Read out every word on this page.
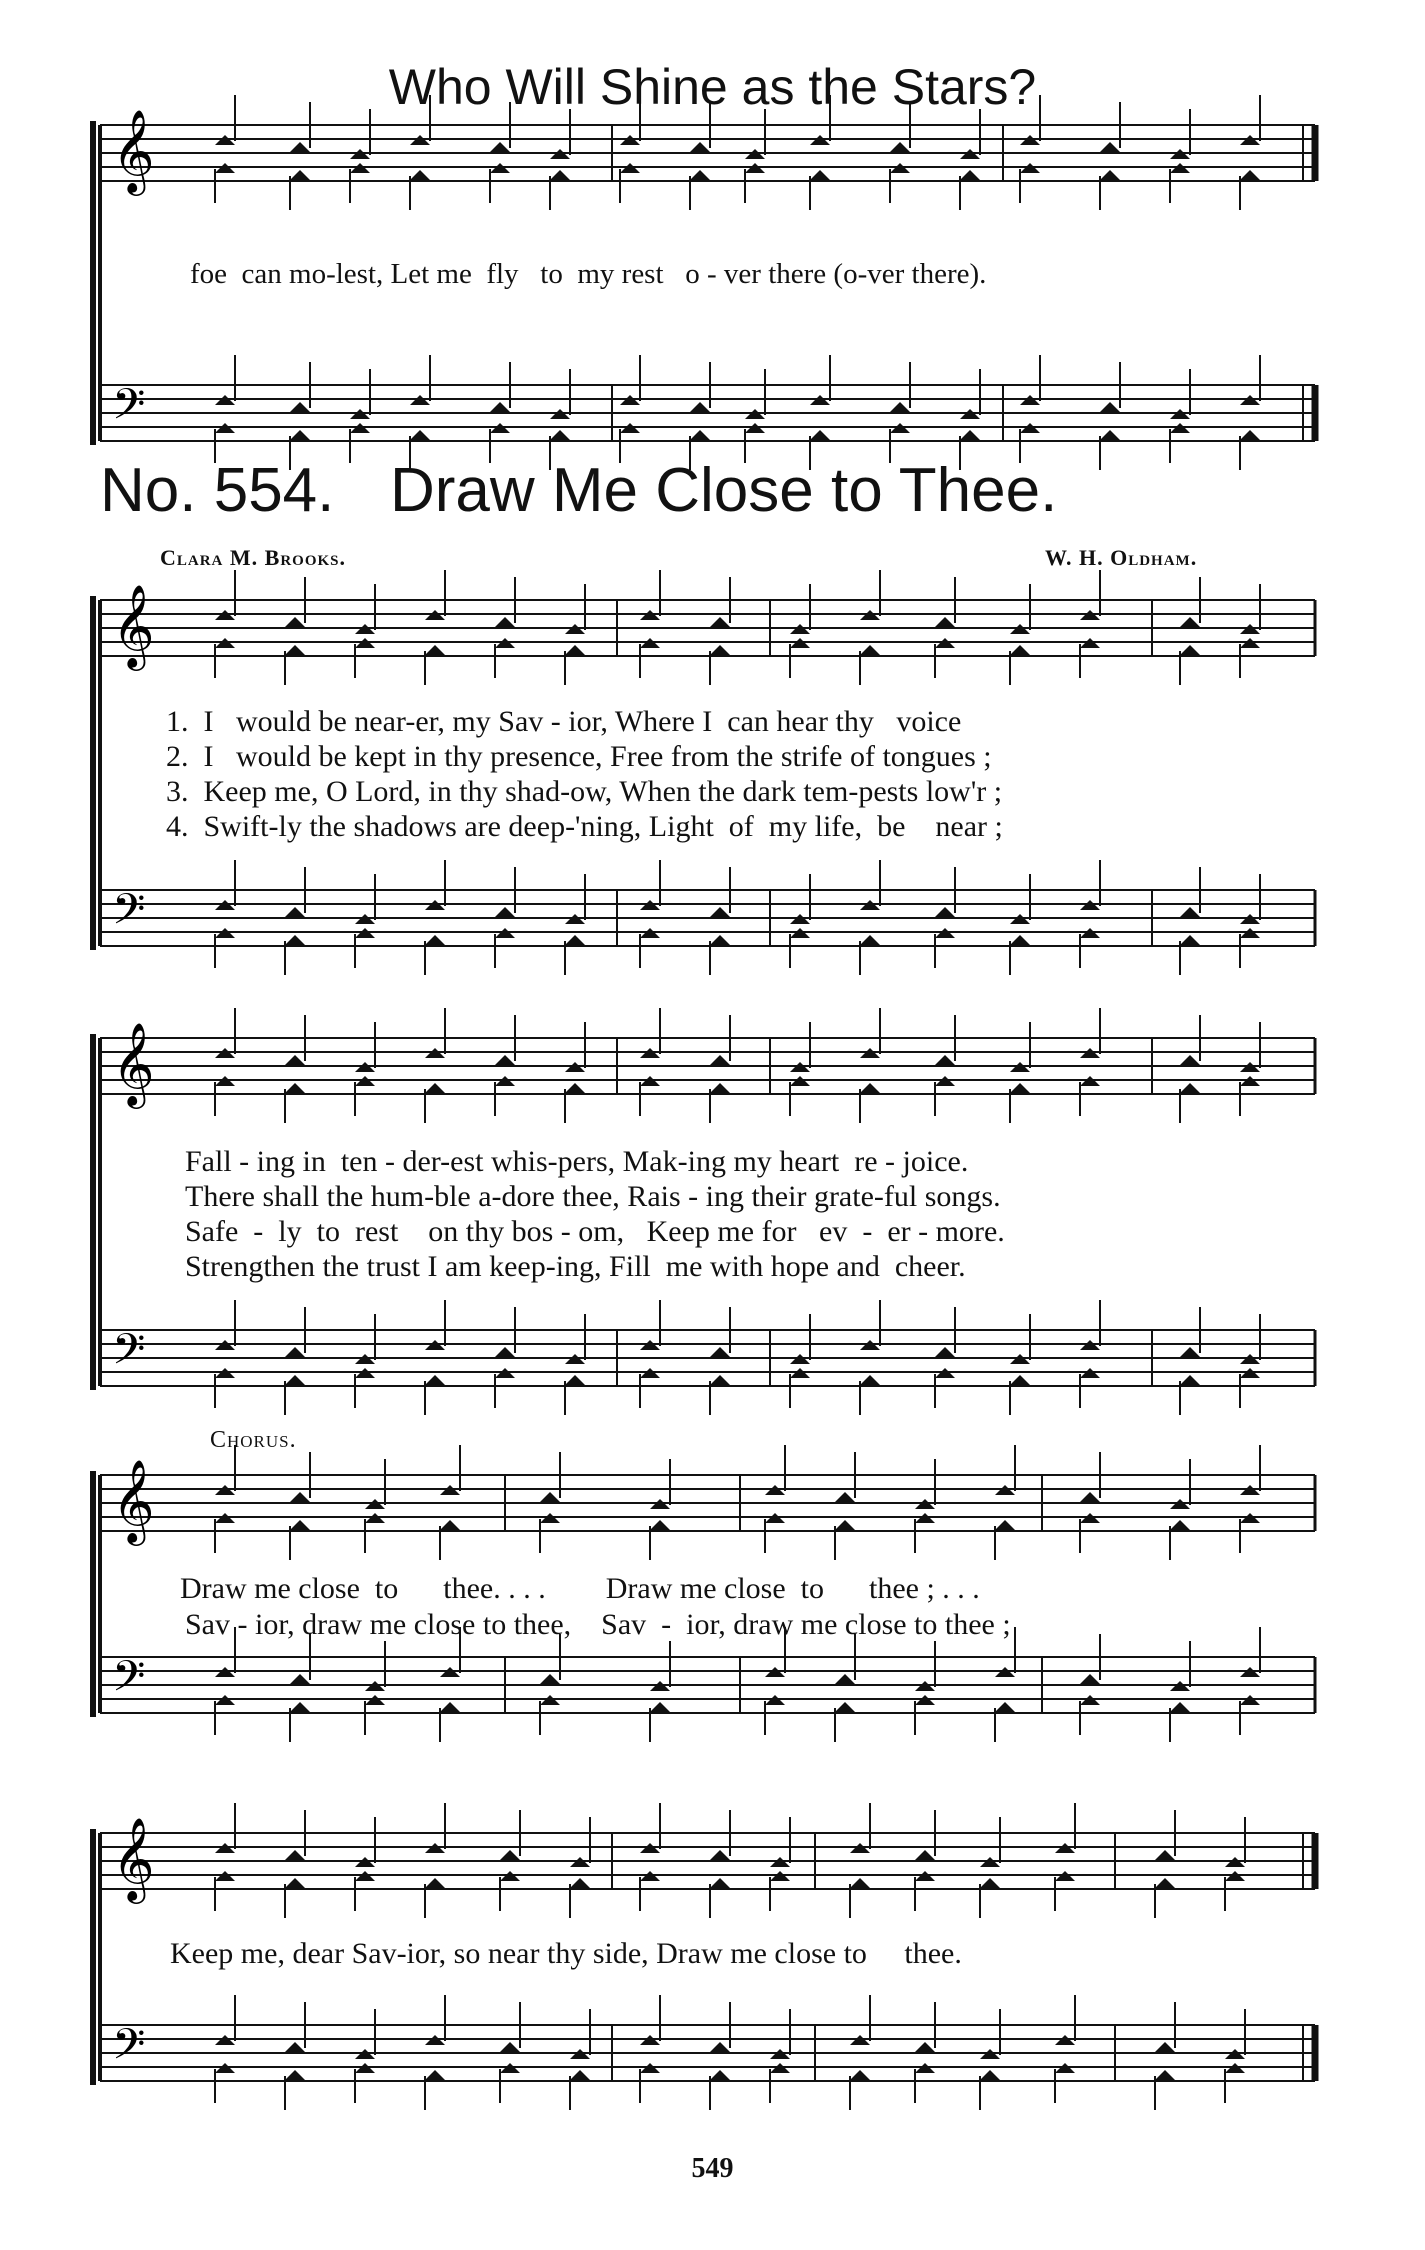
𝄞
𝄢
𝄞
𝄢
𝄞
𝄢
𝄞
𝄢
𝄞
𝄢
Who Will Shine as the Stars?
foe  can mo-lest, Let me  fly   to  my rest   o - ver there (o-ver there).
No. 554. Draw Me Close to Thee.
Clara M. Brooks.	W. H. Oldham.
1.  I   would be near-er, my Sav - ior, Where I  can hear thy   voice
2.  I   would be kept in thy presence, Free from the strife of tongues ;
3.  Keep me, O Lord, in thy shad-ow, When the dark tem-pests low'r ;
4.  Swift-ly the shadows are deep-'ning, Light  of  my life,  be    near ;
Fall - ing in  ten - der-est whis-pers, Mak-ing my heart  re - joice.
There shall the hum-ble a-dore thee, Rais - ing their grate-ful songs.
Safe  -  ly  to  rest    on thy bos - om,   Keep me for   ev  -  er - more.
Strengthen the trust I am keep-ing, Fill  me with hope and  cheer.
Chorus.
Draw me close  to      thee. . . .        Draw me close  to      thee ; . . .
Sav - ior, draw me close to thee,    Sav  -  ior, draw me close to thee ;
Keep me, dear Sav-ior, so near thy side, Draw me close to     thee.
549
